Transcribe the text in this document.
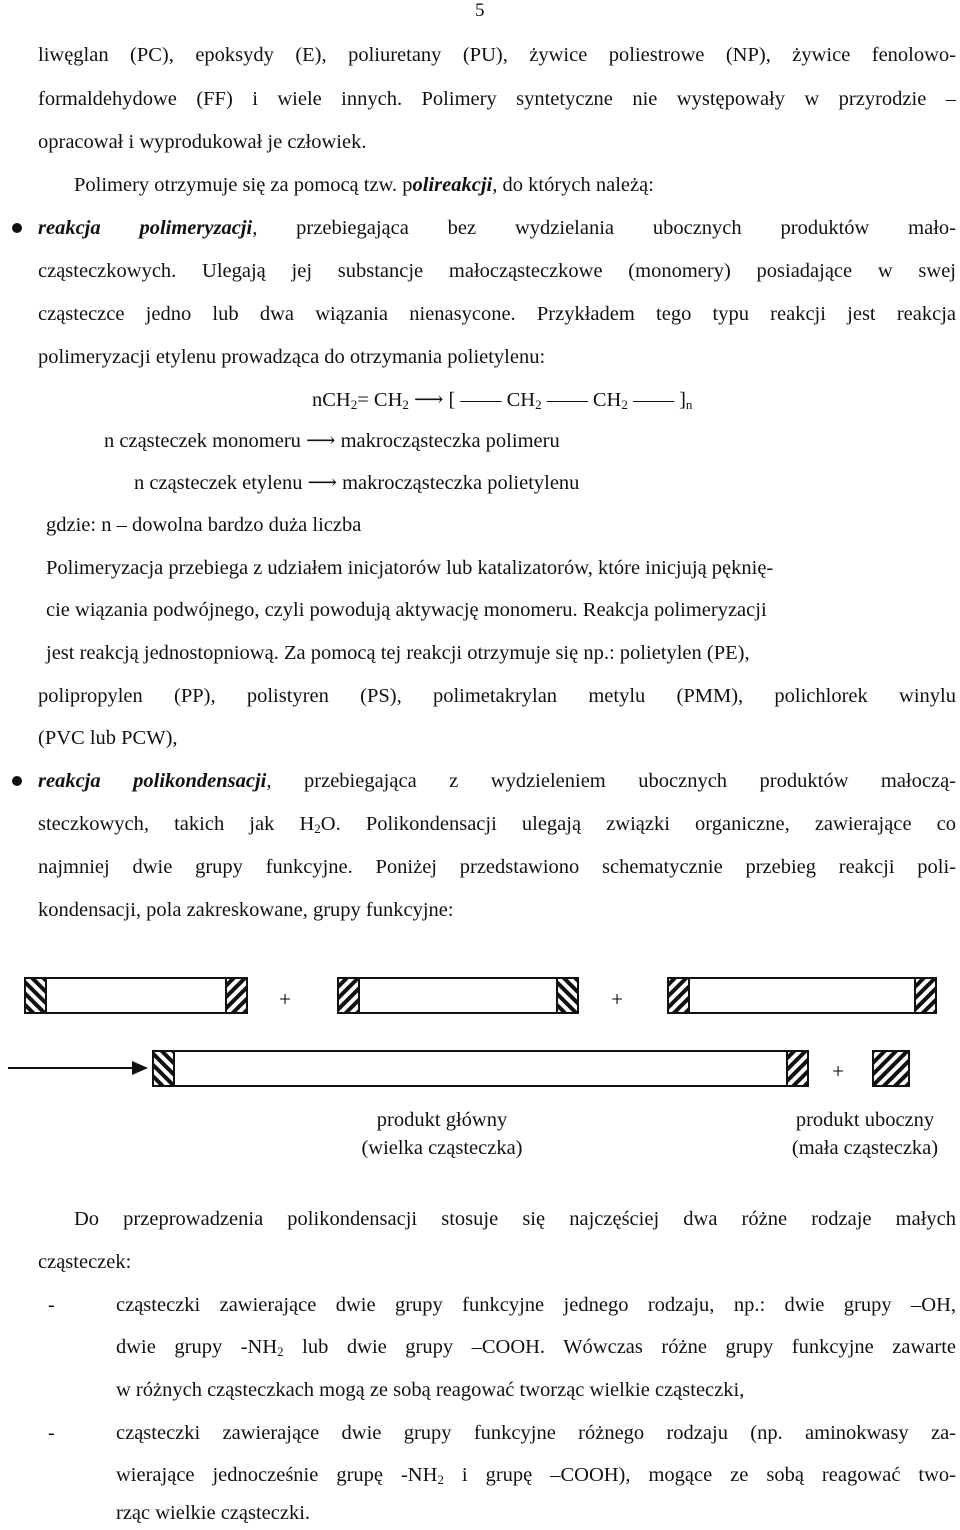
5
liwęglan (PC), epoksydy (E), poliuretany (PU), żywice poliestrowe (NP), żywice fenolowo-
formaldehydowe (FF) i wiele innych. Polimery syntetyczne nie występowały w przyrodzie –
opracował i wyprodukował je człowiek.
Polimery otrzymuje się za pomocą tzw. polireakcji, do których należą:
reakcja polimeryzacji, przebiegająca bez wydzielania ubocznych produktów mało-
cząsteczkowych. Ulegają jej substancje małocząsteczkowe (monomery) posiadające w swej
cząsteczce jedno lub dwa wiązania nienasycone. Przykładem tego typu reakcji jest reakcja
polimeryzacji etylenu prowadząca do otrzymania polietylenu:
$nCH_2= CH_2$ ⟶ [ ―― $CH_2$ ―― $CH_2$ ―― ]$_n$
n cząsteczek monomeru ⟶ makrocząsteczka polimeru
n cząsteczek etylenu ⟶ makrocząsteczka polietylenu
gdzie: n – dowolna bardzo duża liczba
Polimeryzacja przebiega z udziałem inicjatorów lub katalizatorów, które inicjują pęknię-
cie wiązania podwójnego, czyli powodują aktywację monomeru. Reakcja polimeryzacji
jest reakcją jednostopniową. Za pomocą tej reakcji otrzymuje się np.: polietylen (PE),
polipropylen (PP), polistyren (PS), polimetakrylan metylu (PMM), polichlorek winylu
(PVC lub PCW),
reakcja polikondensacji, przebiegająca z wydzieleniem ubocznych produktów małoczą-
steczkowych, takich jak $H_2O$. Polikondensacji ulegają związki organiczne, zawierające co
najmniej dwie grupy funkcyjne. Poniżej przedstawiono schematycznie przebieg reakcji poli-
kondensacji, pola zakreskowane, grupy funkcyjne:
+	+
+
produkt główny
(wielka cząsteczka)
produkt uboczny
(mała cząsteczka)
Do przeprowadzenia polikondensacji stosuje się najczęściej dwa różne rodzaje małych
cząsteczek:
-	cząsteczki zawierające dwie grupy funkcyjne jednego rodzaju, np.: dwie grupy –OH,
dwie grupy $-NH_2$ lub dwie grupy –COOH. Wówczas różne grupy funkcyjne zawarte
w różnych cząsteczkach mogą ze sobą reagować tworząc wielkie cząsteczki,
-	cząsteczki zawierające dwie grupy funkcyjne różnego rodzaju (np. aminokwasy za-
wierające jednocześnie grupę $-NH_2$ i grupę –COOH), mogące ze sobą reagować two-
rząc wielkie cząsteczki.
